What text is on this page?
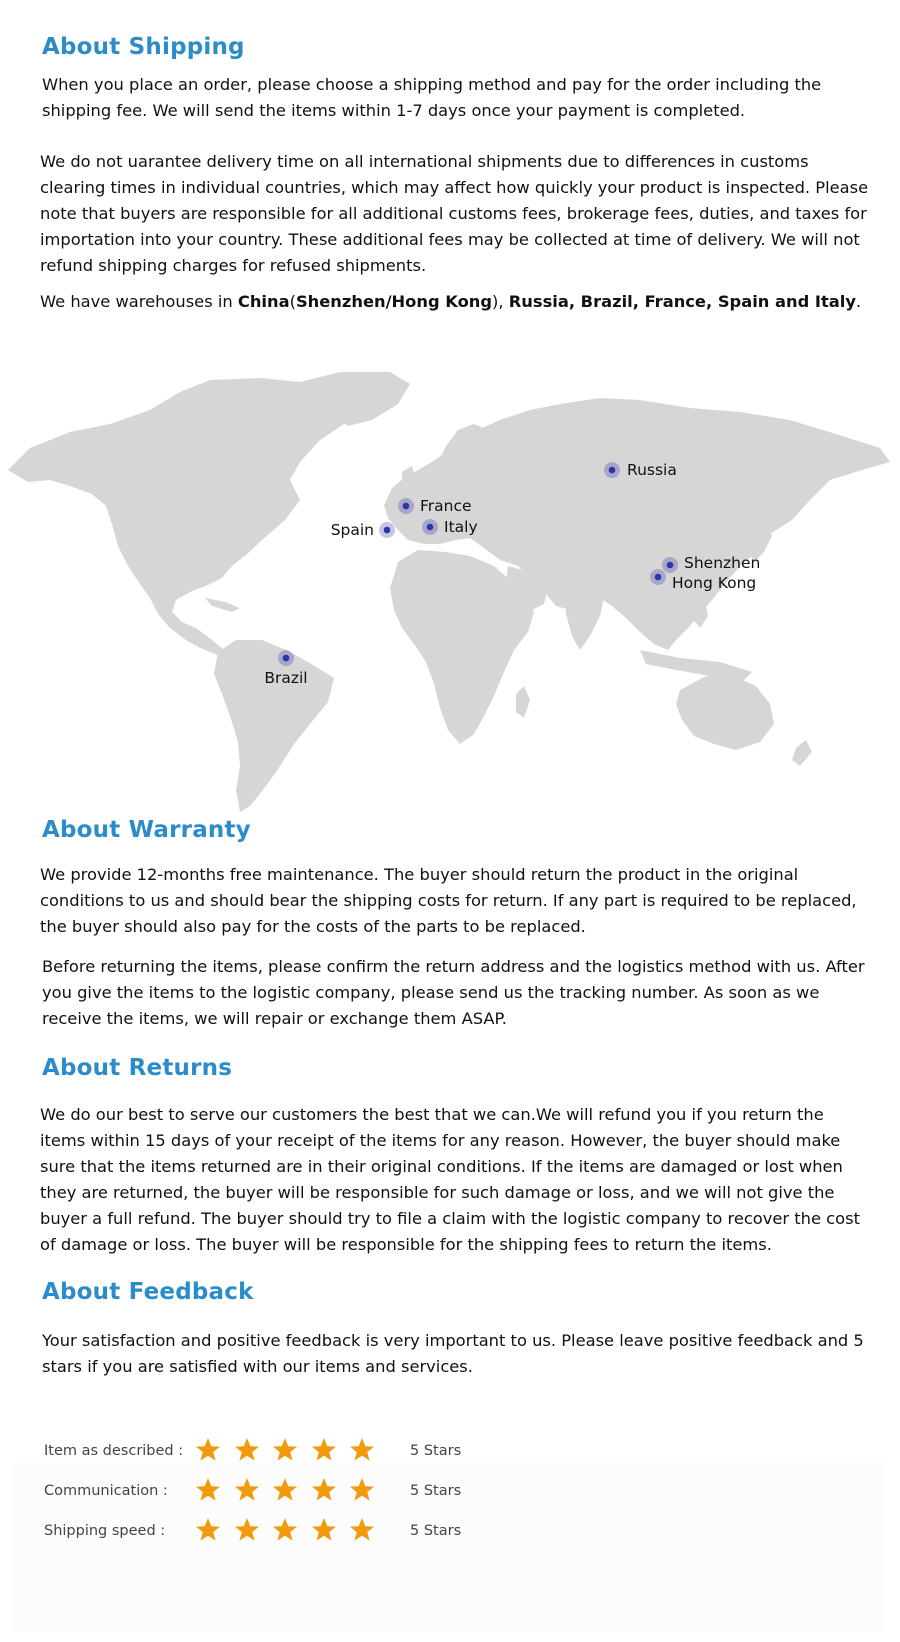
About Shipping

When you place an order, please choose a shipping method and pay for the order including the shipping fee. We will send the items within 1-7 days once your payment is completed.

We do not uarantee delivery time on all international shipments due to differences in customs clearing times in individual countries, which may affect how quickly your product is inspected. Please note that buyers are responsible for all additional customs fees, brokerage fees, duties, and taxes for importation into your country. These additional fees may be collected at time of delivery. We will not refund shipping charges for refused shipments.

We have warehouses in China(Shenzhen/Hong Kong), Russia, Brazil, France, Spain and Italy.

Russia
France
Spain	Italy
Shenzhen
Hong Kong
Brazil
About Warranty

We provide 12-months free maintenance. The buyer should return the product in the original conditions to us and should bear the shipping costs for return. If any part is required to be replaced, the buyer should also pay for the costs of the parts to be replaced.

Before returning the items, please confirm the return address and the logistics method with us. After you give the items to the logistic company, please send us the tracking number. As soon as we receive the items, we will repair or exchange them ASAP.

About Returns

We do our best to serve our customers the best that we can.We will refund you if you return the items within 15 days of your receipt of the items for any reason. However, the buyer should make sure that the items returned are in their original conditions. If the items are damaged or lost when they are returned, the buyer will be responsible for such damage or loss, and we will not give the buyer a full refund. The buyer should try to file a claim with the logistic company to recover the cost of damage or loss. The buyer will be responsible for the shipping fees to return the items.

About Feedback

Your satisfaction and positive feedback is very important to us. Please leave positive feedback and 5 stars if you are satisfied with our items and services.

Item as described :	5 Stars
Communication :	5 Stars
Shipping speed :	5 Stars
